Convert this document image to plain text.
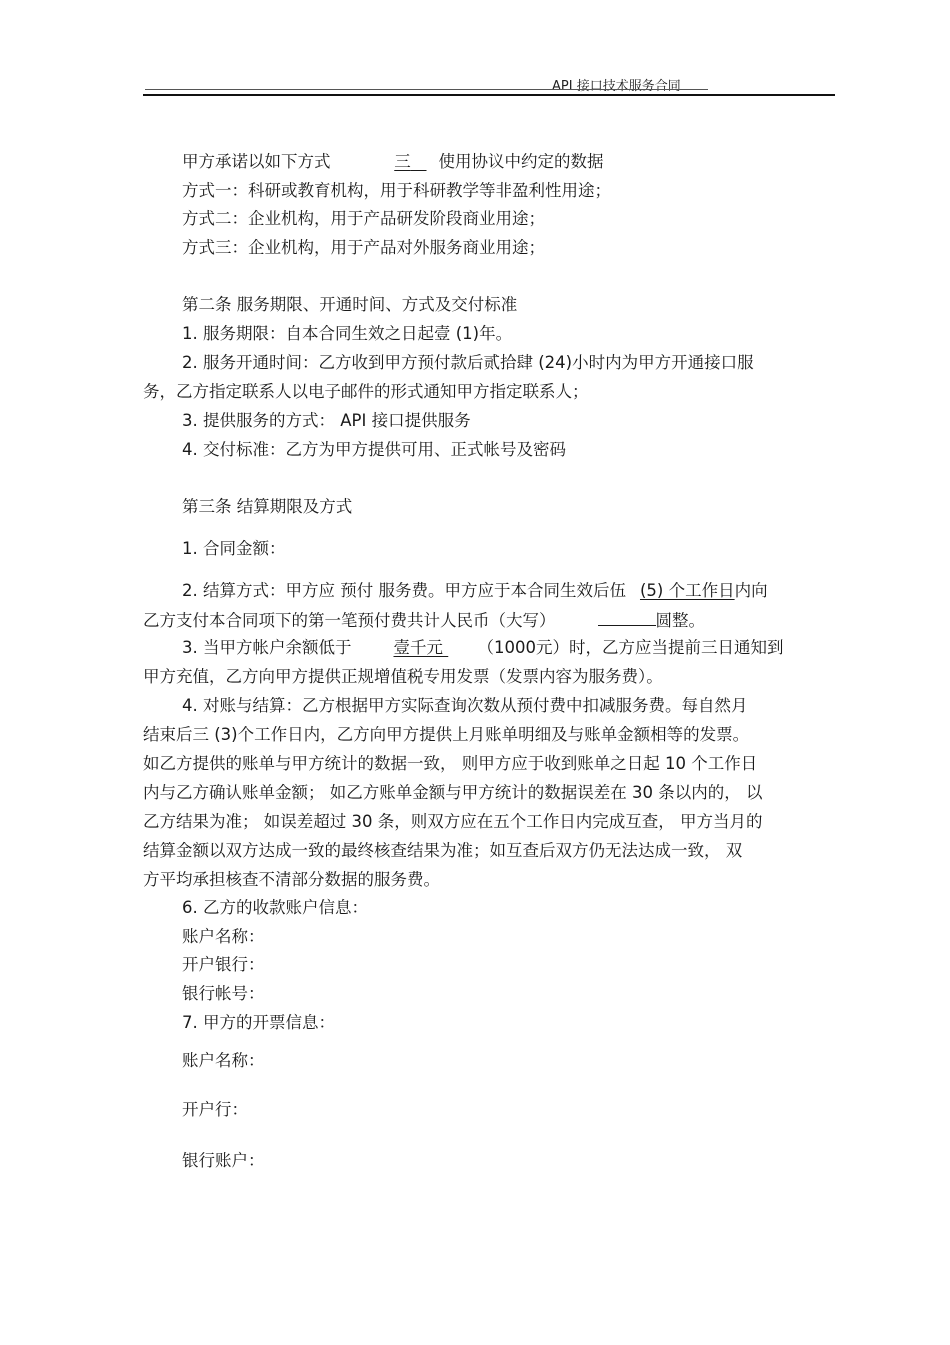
API 接口技术服务合同
甲方承诺以如下方式	三 使用协议中约定的数据
方式一：科研或教育机构，用于科研教学等非盈利性用途；
方式二：企业机构，用于产品研发阶段商业用途；
方式三：企业机构，用于产品对外服务商业用途；
第二条 服务期限、开通时间、方式及交付标准
1. 服务期限：自本合同生效之日起壹 (1)年。
2. 服务开通时间：乙方收到甲方预付款后贰拾肆 (24)小时内为甲方开通接口服
务，乙方指定联系人以电子邮件的形式通知甲方指定联系人；
3. 提供服务的方式： API 接口提供服务
4. 交付标准：乙方为甲方提供可用、正式帐号及密码
第三条 结算期限及方式
1. 合同金额：
2. 结算方式：甲方应 预付 服务费。甲方应于本合同生效后伍 (5) 个工作日内向
乙方支付本合同项下的第一笔预付费共计人民币（大写）	圆整。
3. 当甲方帐户余额低于	壹千元 （1000元）时，乙方应当提前三日通知到
甲方充值，乙方向甲方提供正规增值税专用发票（发票内容为服务费）。
4. 对账与结算：乙方根据甲方实际查询次数从预付费中扣减服务费。每自然月
结束后三 (3)个工作日内，乙方向甲方提供上月账单明细及与账单金额相等的发票。
如乙方提供的账单与甲方统计的数据一致， 则甲方应于收到账单之日起 10 个工作日
内与乙方确认账单金额； 如乙方账单金额与甲方统计的数据误差在 30 条以内的， 以
乙方结果为准； 如误差超过 30 条，则双方应在五个工作日内完成互查， 甲方当月的
结算金额以双方达成一致的最终核查结果为准；如互查后双方仍无法达成一致， 双
方平均承担核查不清部分数据的服务费。
6. 乙方的收款账户信息：
账户名称：
开户银行：
银行帐号：
7. 甲方的开票信息：
账户名称：
开户行：
银行账户：
